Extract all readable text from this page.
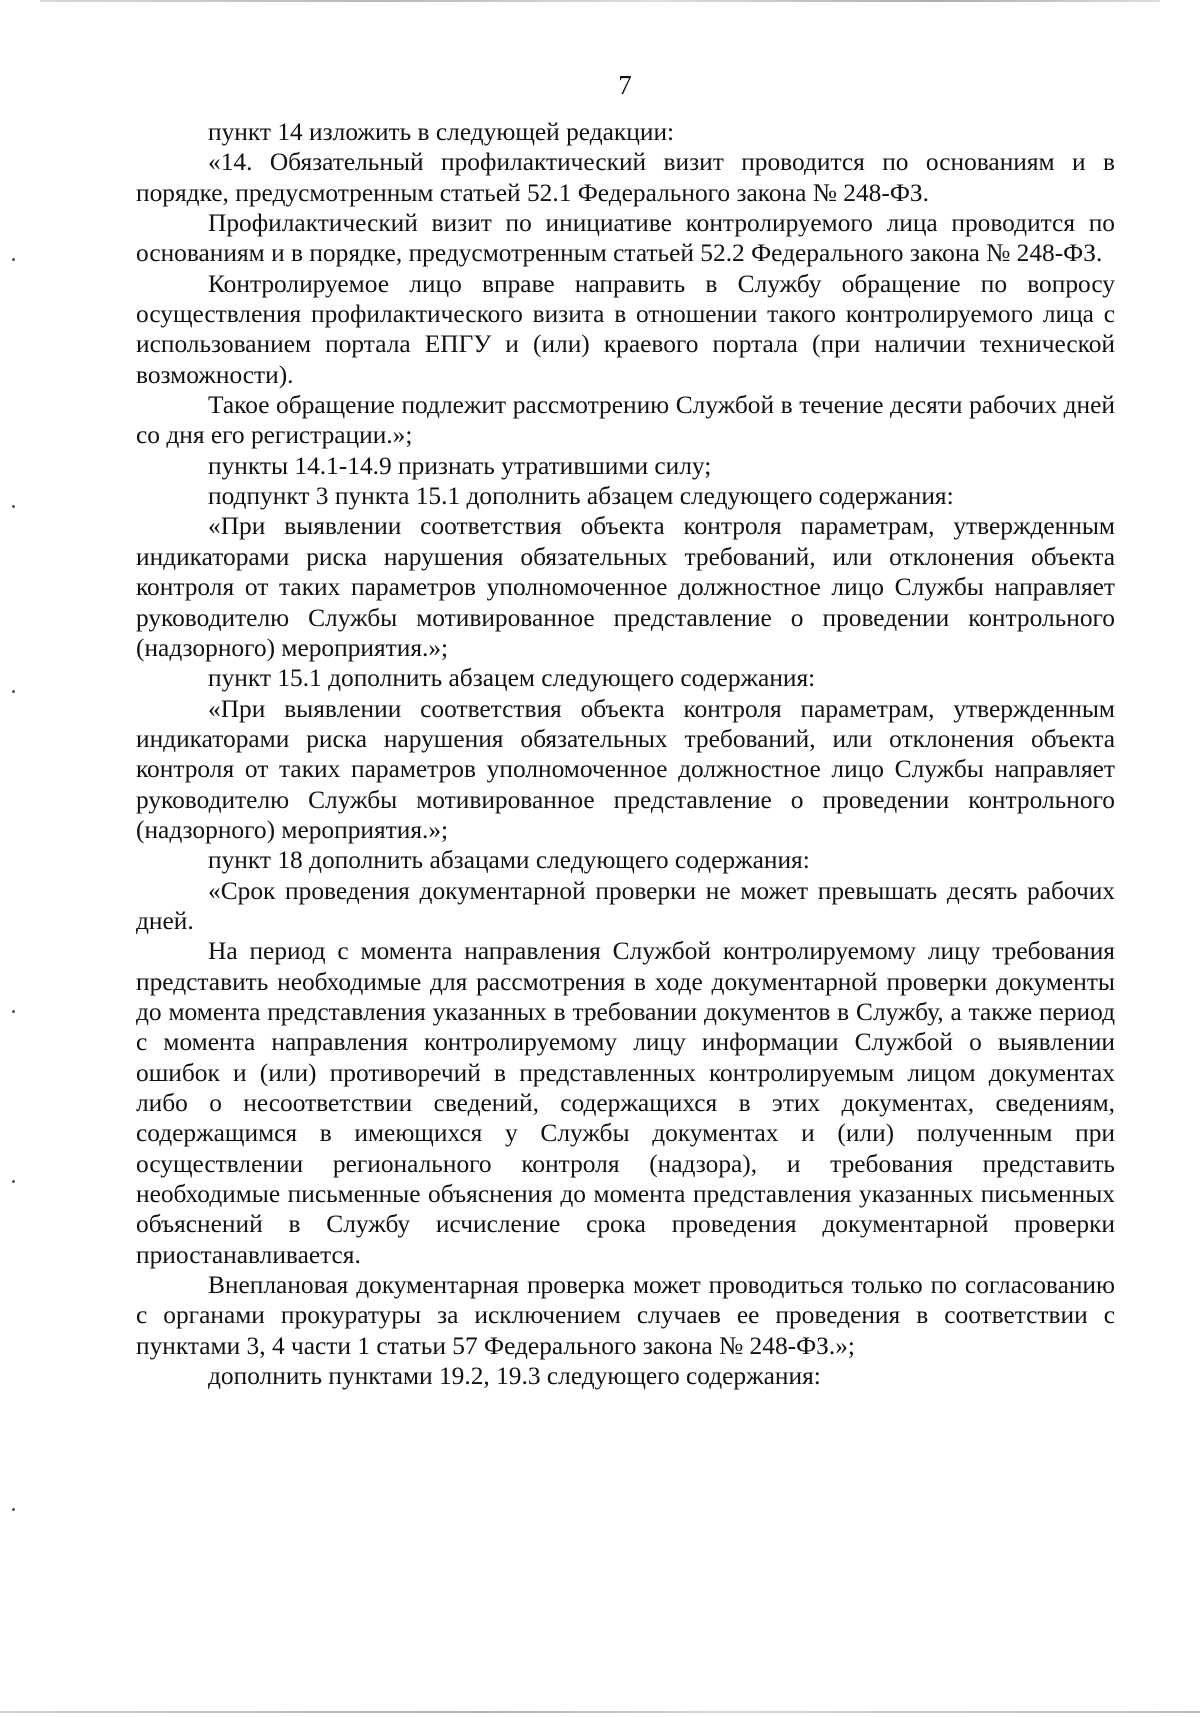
7

пункт 14 изложить в следующей редакции:

«14. Обязательный профилактический визит проводится по основаниям и в порядке, предусмотренным статьей 52.1 Федерального закона № 248-ФЗ.

Профилактический визит по инициативе контролируемого лица проводится по основаниям и в порядке, предусмотренным статьей 52.2 Федерального закона № 248-ФЗ.

Контролируемое лицо вправе направить в Службу обращение по вопросу осуществления профилактического визита в отношении такого контролируемого лица с использованием портала ЕПГУ и (или) краевого портала (при наличии технической возможности).

Такое обращение подлежит рассмотрению Службой в течение десяти рабочих дней со дня его регистрации.»;

пункты 14.1-14.9 признать утратившими силу;

подпункт 3 пункта 15.1 дополнить абзацем следующего содержания:

«При выявлении соответствия объекта контроля параметрам, утвержденным индикаторами риска нарушения обязательных требований, или отклонения объекта контроля от таких параметров уполномоченное должностное лицо Службы направляет руководителю Службы мотивированное представление о проведении контрольного (надзорного) мероприятия.»;

пункт 15.1 дополнить абзацем следующего содержания:

«При выявлении соответствия объекта контроля параметрам, утвержденным индикаторами риска нарушения обязательных требований, или отклонения объекта контроля от таких параметров уполномоченное должностное лицо Службы направляет руководителю Службы мотивированное представление о проведении контрольного (надзорного) мероприятия.»;

пункт 18 дополнить абзацами следующего содержания:

«Срок проведения документарной проверки не может превышать десять рабочих дней.

На период с момента направления Службой контролируемому лицу требования представить необходимые для рассмотрения в ходе документарной проверки документы до момента представления указанных в требовании документов в Службу, а также период с момента направления контролируемому лицу информации Службой о выявлении ошибок и (или) противоречий в представленных контролируемым лицом документах либо о несоответствии сведений, содержащихся в этих документах, сведениям, содержащимся в имеющихся у Службы документах и (или) полученным при осуществлении регионального контроля (надзора), и требования представить необходимые письменные объяснения до момента представления указанных письменных объяснений в Службу исчисление срока проведения документарной проверки приостанавливается.

Внеплановая документарная проверка может проводиться только по согласованию с органами прокуратуры за исключением случаев ее проведения в соответствии с пунктами 3, 4 части 1 статьи 57 Федерального закона № 248-ФЗ.»;

дополнить пунктами 19.2, 19.3 следующего содержания:
